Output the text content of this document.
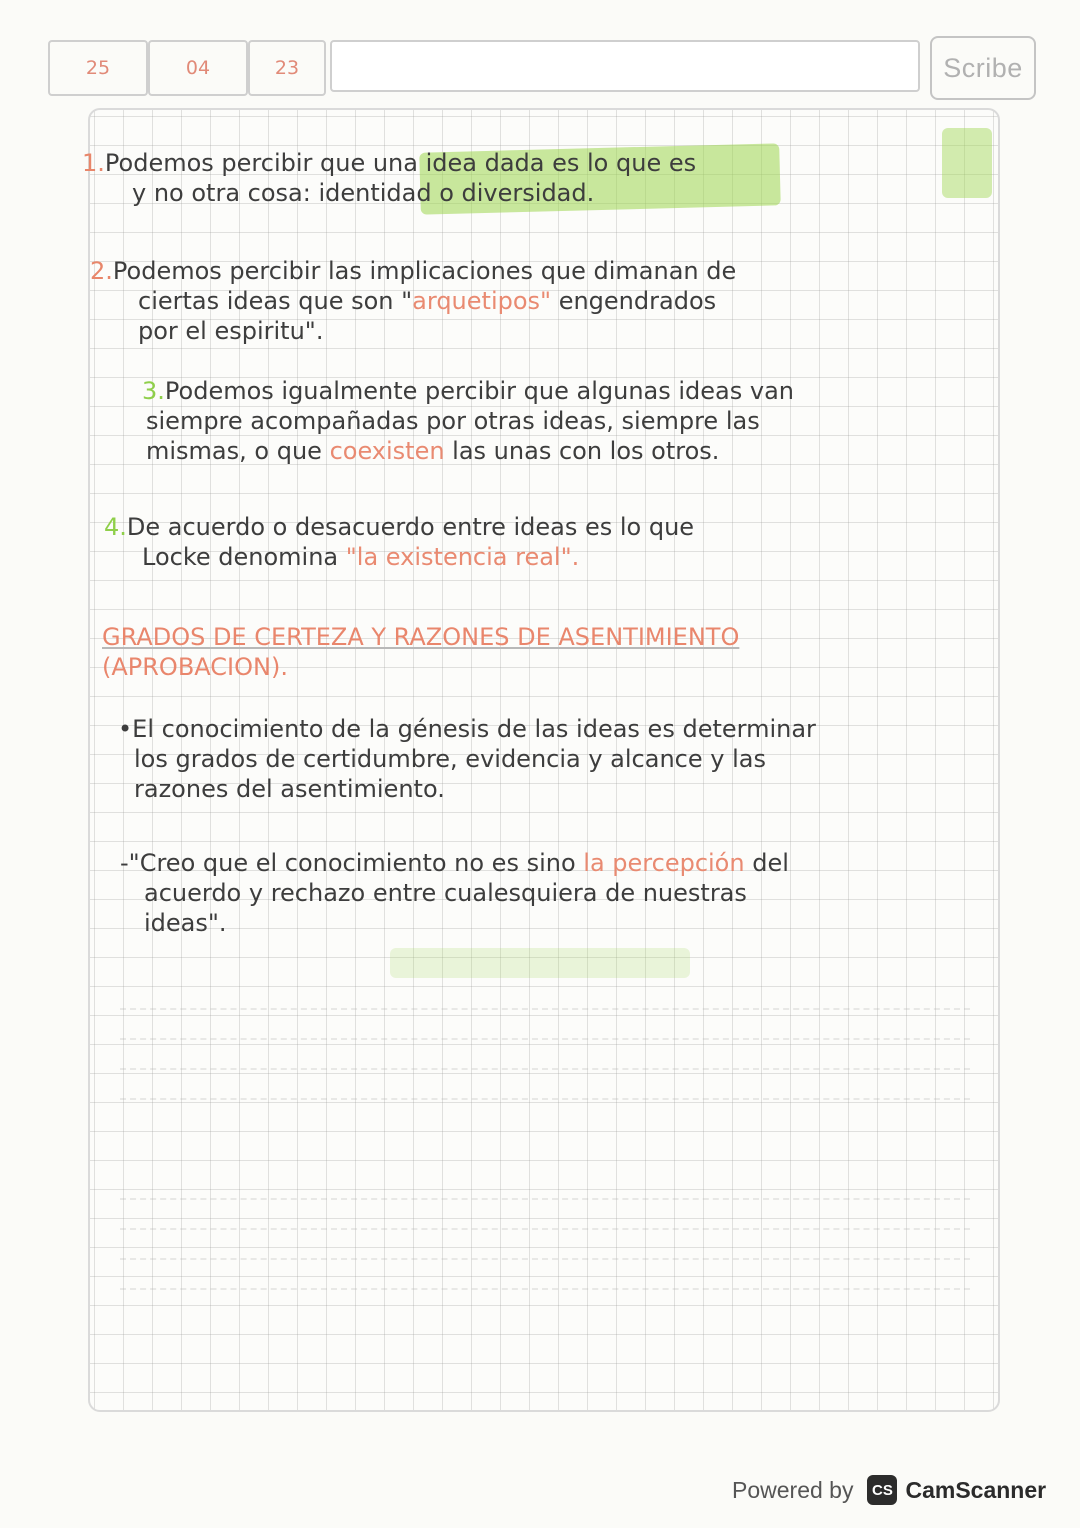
25	04	23	Scribe

1.Podemos percibir que una idea dada es lo que es
y no otra cosa: identidad o diversidad.

2.Podemos percibir las implicaciones que dimanan de
ciertas ideas que son "arquetipos" engendrados
por el espiritu".

3.Podemos igualmente percibir que algunas ideas van
siempre acompañadas por otras ideas, siempre las
mismas, o que coexisten las unas con los otros.

4.De acuerdo o desacuerdo entre ideas es lo que
Locke denomina "la existencia real".

GRADOS DE CERTEZA Y RAZONES DE ASENTIMIENTO
(APROBACION).

•El conocimiento de la génesis de las ideas es determinar
los grados de certidumbre, evidencia y alcance y las
razones del asentimiento.

-"Creo que el conocimiento no es sino la percepción del
acuerdo y rechazo entre cualesquiera de nuestras
ideas".

Powered by	CS CamScanner
